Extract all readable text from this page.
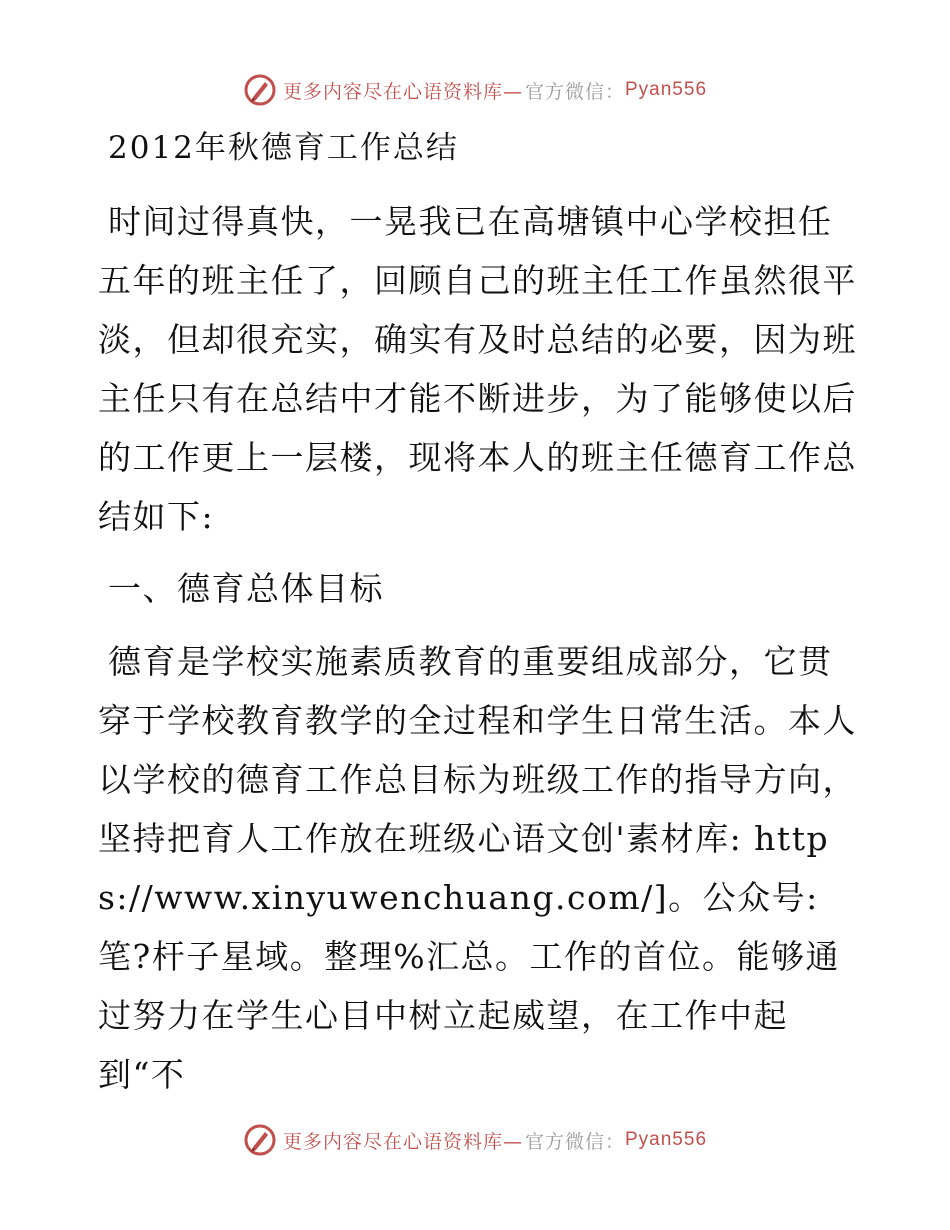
更多内容尽在心语资料库— 官方微信： Pyan556
2012年秋德育工作总结
时间过得真快，一晃我已在高塘镇中心学校担任
五年的班主任了，回顾自己的班主任工作虽然很平淡，但却很充实，确实有及时总结的必要，因为班主任只有在总结中才能不断进步，为了能够使以后的工作更上一层楼，现将本人的班主任德育工作总结如下:
一、德育总体目标
德育是学校实施素质教育的重要组成部分，它贯
穿于学校教育教学的全过程和学生日常生活。本人以学校的德育工作总目标为班级工作的指导方向，坚持把育人工作放在班级心语文创'素材库: https://www.xinyuwenchuang.com/]。公众号: 笔?杆子星域。整理%汇总。工作的首位。能够通过努力在学生心目中树立起威望，在工作中起到“不
更多内容尽在心语资料库— 官方微信： Pyan556
